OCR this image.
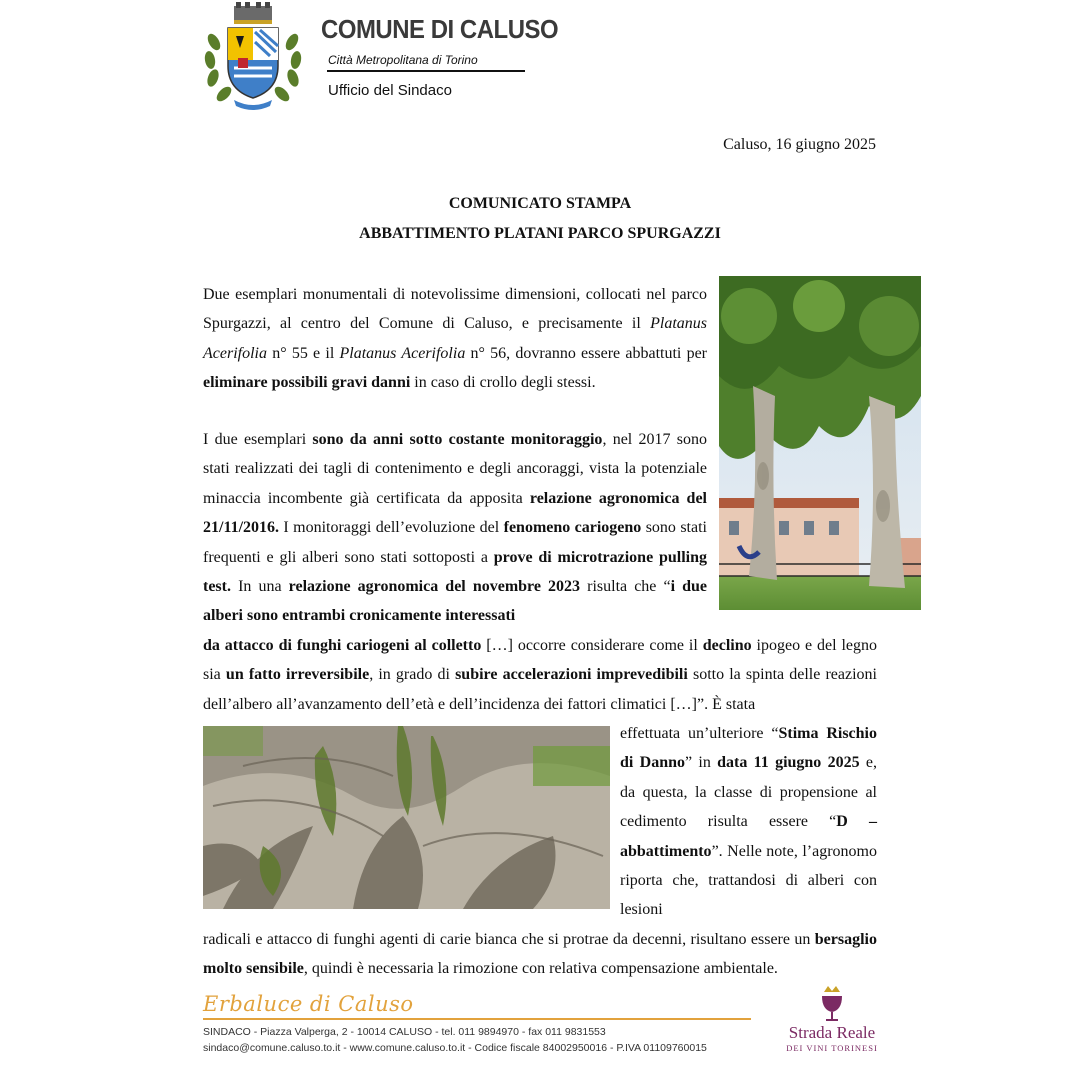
COMUNE DI CALUSO
Città Metropolitana di Torino
Ufficio del Sindaco
Caluso, 16 giugno 2025
COMUNICATO STAMPA
ABBATTIMENTO PLATANI PARCO SPURGAZZI

Due esemplari monumentali di notevolissime dimensioni, collocati nel parco Spurgazzi, al centro del Comune di Caluso, e precisamente il Platanus Acerifolia n° 55 e il Platanus Acerifolia n° 56, dovranno essere abbattuti per eliminare possibili gravi danni in caso di crollo degli stessi.

I due esemplari sono da anni sotto costante monitoraggio, nel 2017 sono stati realizzati dei tagli di contenimento e degli ancoraggi, vista la potenziale minaccia incombente già certificata da apposita relazione agronomica del 21/11/2016. I monitoraggi dell’evoluzione del fenomeno cariogeno sono stati frequenti e gli alberi sono stati sottoposti a prove di microtrazione pulling test. In una relazione agronomica del novembre 2023 risulta che “i due alberi sono entrambi cronicamente interessati

da attacco di funghi cariogeni al colletto […] occorre considerare come il declino ipogeo e del legno sia un fatto irreversibile, in grado di subire accelerazioni imprevedibili sotto la spinta delle reazioni dell’albero all’avanzamento dell’età e dell’incidenza dei fattori climatici […]”. È stata

effettuata un’ulteriore “Stima Rischio di Danno” in data 11 giugno 2025 e, da questa, la classe di propensione al cedimento risulta essere “D – abbattimento”. Nelle note, l’agronomo riporta che, trattandosi di alberi con lesioni

radicali e attacco di funghi agenti di carie bianca che si protrae da decenni, risultano essere un bersaglio molto sensibile, quindi è necessaria la rimozione con relativa compensazione ambientale.

Erbaluce di Caluso
SINDACO - Piazza Valperga, 2 - 10014 CALUSO - tel. 011 9894970 - fax 011 9831553
sindaco@comune.caluso.to.it - www.comune.caluso.to.it - Codice fiscale 84002950016 - P.IVA 01109760015
Strada Reale
DEI VINI TORINESI
